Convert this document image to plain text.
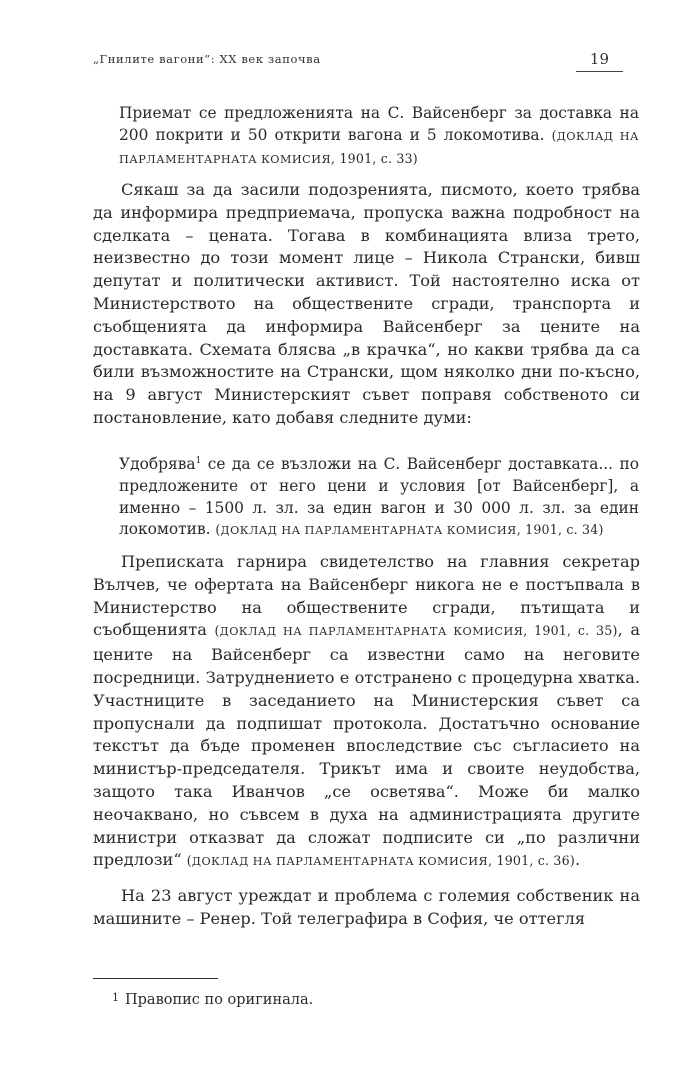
„Гнилите вагони“: XX век започва	19

Приемат се предложенията на С. Вайсенберг за доставка на 200 покрити и 50 открити вагона и 5 локомотива. (ДОКЛАД НА ПАРЛАМЕНТАРНАТА КОМИСИЯ, 1901, с. 33)

Сякаш за да засили подозренията, писмото, което трябва да информира предприемача, пропуска важна подробност на сделката – цената. Тогава в комбинацията влиза трето, неизвестно до този момент лице – Никола Странски, бивш депутат и политически активист. Той настоятелно иска от Министерството на обществените сгради, транспорта и съобщенията да информира Вайсенберг за цените на доставката. Схемата блясва „в крачка“, но какви трябва да са били възможностите на Странски, щом няколко дни по-късно, на 9 август Министерският съвет поправя собственото си постановление, като добавя следните думи:

Удобрява$^1$ се да се възложи на С. Вайсенберг доставката... по предложените от него цени и условия [от Вайсенберг], а именно – 1500 л. зл. за един вагон и 30 000 л. зл. за един локомотив. (ДОКЛАД НА ПАРЛАМЕНТАРНАТА КОМИСИЯ, 1901, с. 34)

Преписката гарнира свидетелство на главния секретар Вълчев, че офертата на Вайсенберг никога не е постъпвала в Министерство на обществените сгради, пътищата и съобщенията (ДОКЛАД НА ПАРЛАМЕНТАРНАТА КОМИСИЯ, 1901, с. 35), а цените на Вайсенберг са известни само на неговите посредници. Затруднението е отстранено с процедурна хватка. Участниците в заседанието на Министерския съвет са пропуснали да подпишат протокола. Достатъчно основание текстът да бъде променен впоследствие със съгласието на министър-председателя. Трикът има и своите неудобства, защото така Иванчов „се осветява“. Може би малко неочаквано, но съвсем в духа на администрацията другите министри отказват да сложат подписите си „по различни предлози“ (ДОКЛАД НА ПАРЛАМЕНТАРНАТА КОМИСИЯ, 1901, с. 36).

На 23 август уреждат и проблема с големия собственик на машините – Ренер. Той телеграфира в София, че оттегля

1 Правопис по оригинала.
